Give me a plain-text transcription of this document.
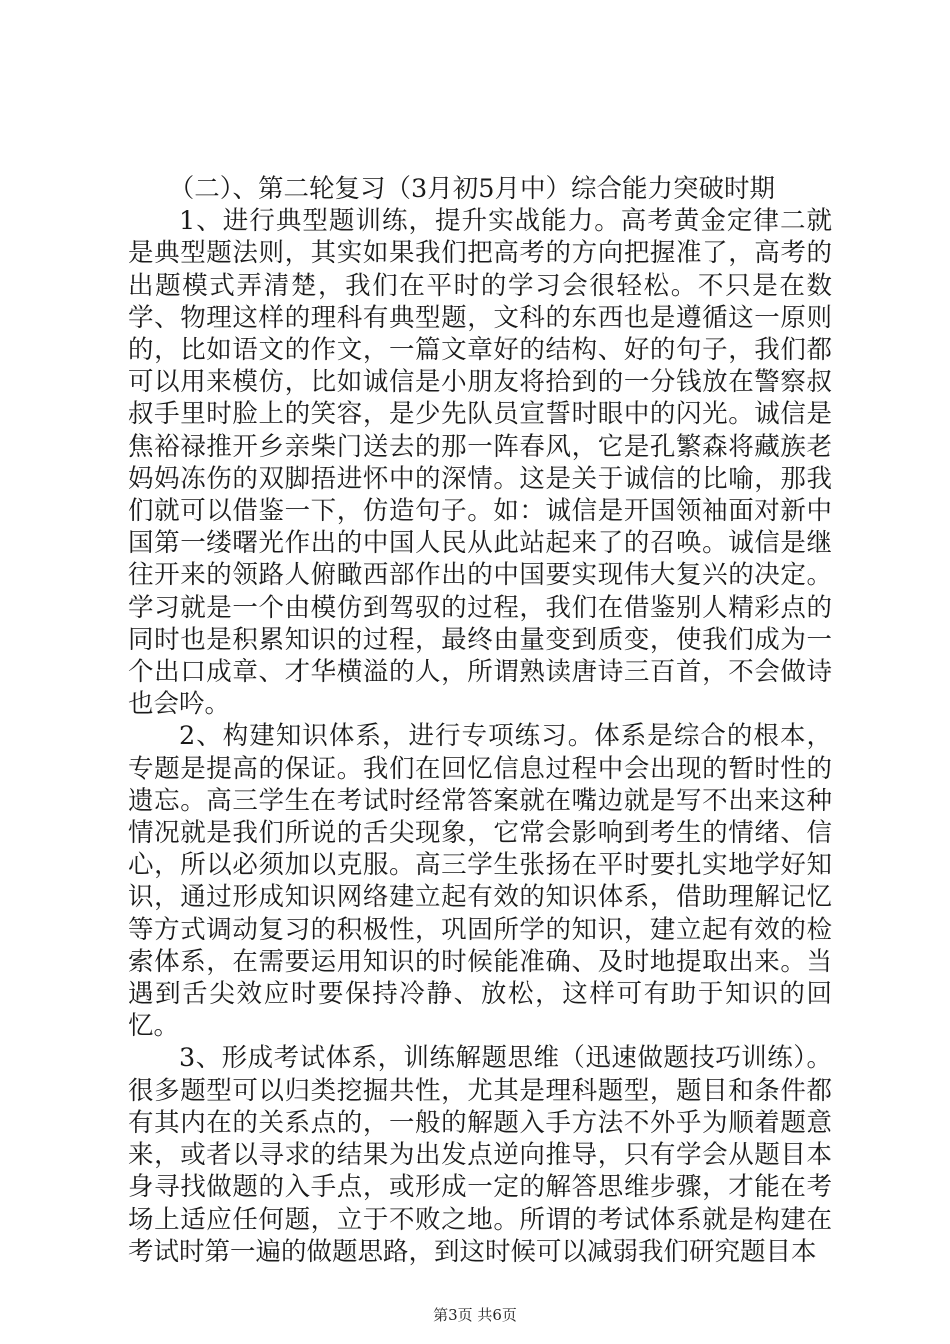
（二）、第二轮复习（3月初5月中）综合能力突破时期

1、进行典型题训练，提升实战能力。高考黄金定律二就是典型题法则，其实如果我们把高考的方向把握准了，高考的出题模式弄清楚，我们在平时的学习会很轻松。不只是在数学、物理这样的理科有典型题，文科的东西也是遵循这一原则的，比如语文的作文，一篇文章好的结构、好的句子，我们都可以用来模仿，比如诚信是小朋友将拾到的一分钱放在警察叔叔手里时脸上的笑容，是少先队员宣誓时眼中的闪光。诚信是焦裕禄推开乡亲柴门送去的那一阵春风，它是孔繁森将藏族老妈妈冻伤的双脚捂进怀中的深情。这是关于诚信的比喻，那我们就可以借鉴一下，仿造句子。如：诚信是开国领袖面对新中国第一缕曙光作出的中国人民从此站起来了的召唤。诚信是继往开来的领路人俯瞰西部作出的中国要实现伟大复兴的决定。学习就是一个由模仿到驾驭的过程，我们在借鉴别人精彩点的同时也是积累知识的过程，最终由量变到质变，使我们成为一个出口成章、才华横溢的人，所谓熟读唐诗三百首，不会做诗也会吟。

2、构建知识体系，进行专项练习。体系是综合的根本，专题是提高的保证。我们在回忆信息过程中会出现的暂时性的遗忘。高三学生在考试时经常答案就在嘴边就是写不出来这种情况就是我们所说的舌尖现象，它常会影响到考生的情绪、信心，所以必须加以克服。高三学生张扬在平时要扎实地学好知识，通过形成知识网络建立起有效的知识体系，借助理解记忆等方式调动复习的积极性，巩固所学的知识，建立起有效的检索体系，在需要运用知识的时候能准确、及时地提取出来。当遇到舌尖效应时要保持冷静、放松，这样可有助于知识的回忆。

3、形成考试体系，训练解题思维（迅速做题技巧训练）。很多题型可以归类挖掘共性，尤其是理科题型，题目和条件都有其内在的关系点的，一般的解题入手方法不外乎为顺着题意来，或者以寻求的结果为出发点逆向推导，只有学会从题目本身寻找做题的入手点，或形成一定的解答思维步骤，才能在考场上适应任何题，立于不败之地。所谓的考试体系就是构建在考试时第一遍的做题思路，到这时候可以减弱我们研究题目本

第3页 共6页
